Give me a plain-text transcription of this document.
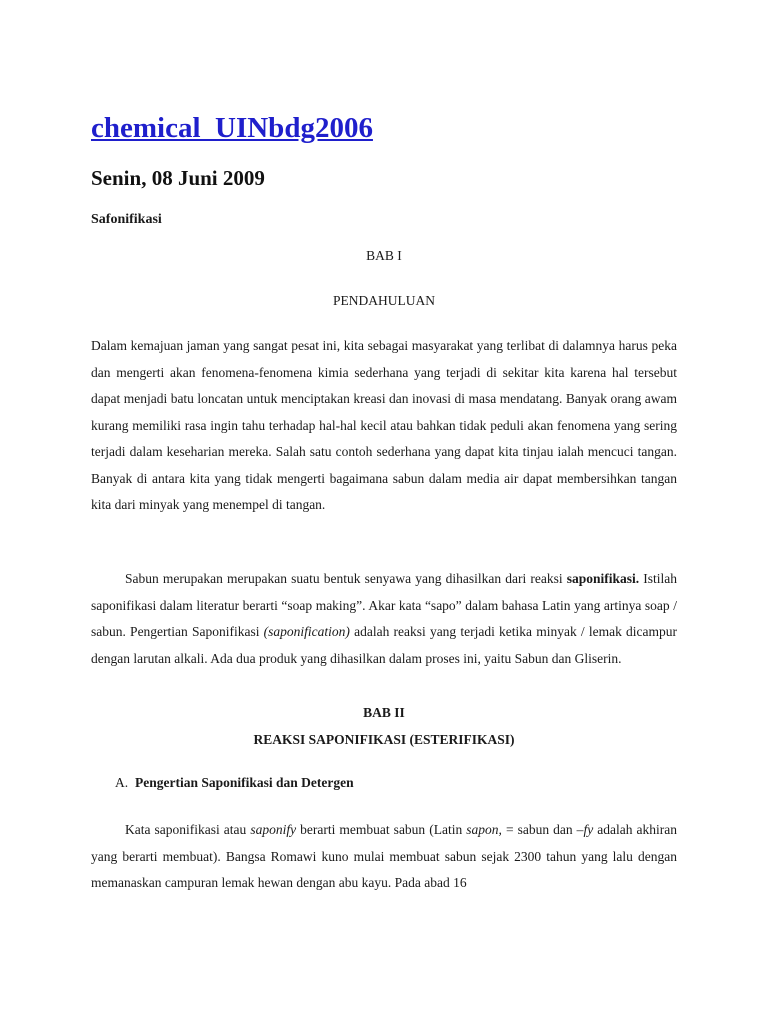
chemical_UINbdg2006
Senin, 08 Juni 2009
Safonifikasi
BAB I
PENDAHULUAN

Dalam kemajuan jaman yang sangat pesat ini, kita sebagai masyarakat yang terlibat di dalamnya harus peka dan mengerti akan fenomena-fenomena kimia sederhana yang terjadi di sekitar kita karena hal tersebut dapat menjadi batu loncatan untuk menciptakan kreasi dan inovasi di masa mendatang. Banyak orang awam kurang memiliki rasa ingin tahu terhadap hal-hal kecil atau bahkan tidak peduli akan fenomena yang sering terjadi dalam keseharian mereka. Salah satu contoh sederhana yang dapat kita tinjau ialah mencuci tangan. Banyak di antara kita yang tidak mengerti bagaimana sabun dalam media air dapat membersihkan tangan kita dari minyak yang menempel di tangan.

Sabun merupakan merupakan suatu bentuk senyawa yang dihasilkan dari reaksi saponifikasi. Istilah saponifikasi dalam literatur berarti “soap making”. Akar kata “sapo” dalam bahasa Latin yang artinya soap / sabun. Pengertian Saponifikasi (saponification) adalah reaksi yang terjadi ketika minyak / lemak dicampur dengan larutan alkali. Ada dua produk yang dihasilkan dalam proses ini, yaitu Sabun dan Gliserin.

BAB II
REAKSI SAPONIFIKASI (ESTERIFIKASI)
A. Pengertian Saponifikasi dan Detergen

Kata saponifikasi atau saponify berarti membuat sabun (Latin sapon, = sabun dan –fy adalah akhiran yang berarti membuat). Bangsa Romawi kuno mulai membuat sabun sejak 2300 tahun yang lalu dengan memanaskan campuran lemak hewan dengan abu kayu. Pada abad 16
